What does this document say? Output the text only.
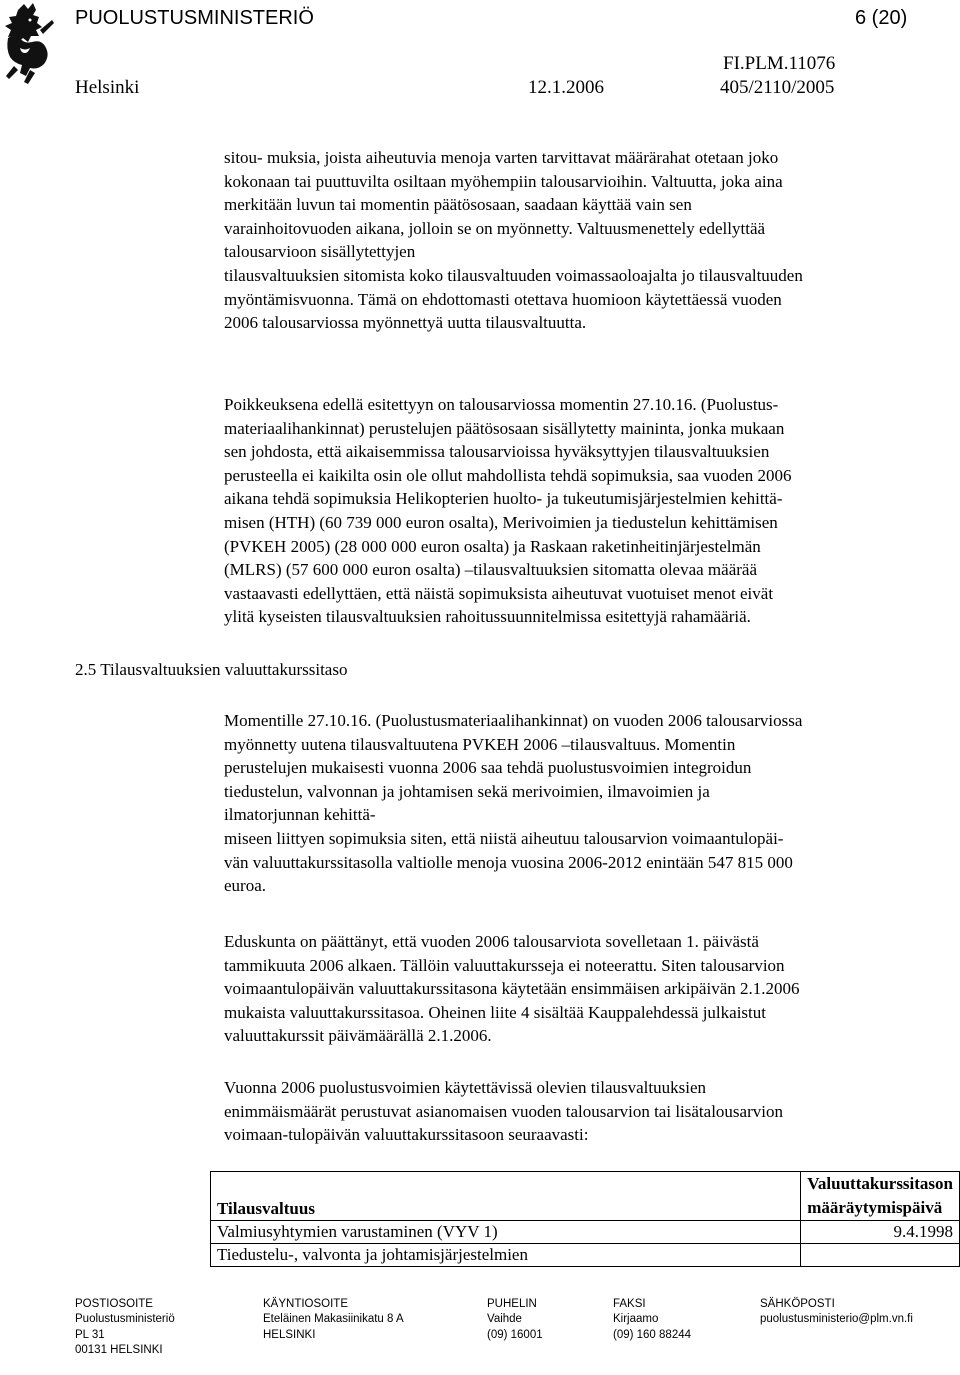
PUOLUSTUSMINISTERIÖ	6 (20)
FI.PLM.11076
Helsinki	12.1.2006	405/2110/2005
sitou- muksia, joista aiheutuvia menoja varten tarvittavat määrärahat otetaan joko
kokonaan tai puuttuvilta osiltaan myöhempiin talousarvioihin. Valtuutta, joka aina
merkitään luvun tai momentin päätösosaan, saadaan käyttää vain sen
varainhoitovuoden aikana, jolloin se on myönnetty. Valtuusmenettely edellyttää
talousarvioon sisällytettyjen
tilausvaltuuksien sitomista koko tilausvaltuuden voimassaoloajalta jo tilausvaltuuden
myöntämisvuonna. Tämä on ehdottomasti otettava huomioon käytettäessä vuoden
2006 talousarviossa myönnettyä uutta tilausvaltuutta.
Poikkeuksena edellä esitettyyn on talousarviossa momentin 27.10.16. (Puolustus-
materiaalihankinnat) perustelujen päätösosaan sisällytetty maininta, jonka mukaan
sen johdosta, että aikaisemmissa talousarvioissa hyväksyttyjen tilausvaltuuksien
perusteella ei kaikilta osin ole ollut mahdollista tehdä sopimuksia, saa vuoden 2006
aikana tehdä sopimuksia Helikopterien huolto- ja tukeutumisjärjestelmien kehittä-
misen (HTH) (60 739 000 euron osalta), Merivoimien ja tiedustelun kehittämisen
(PVKEH 2005) (28 000 000 euron osalta) ja Raskaan raketinheitinjärjestelmän
(MLRS) (57 600 000 euron osalta) –tilausvaltuuksien sitomatta olevaa määrää
vastaavasti edellyttäen, että näistä sopimuksista aiheutuvat vuotuiset menot eivät
ylitä kyseisten tilausvaltuuksien rahoitussuunnitelmissa esitettyjä rahamääriä.
2.5 Tilausvaltuuksien valuuttakurssitaso
Momentille 27.10.16. (Puolustusmateriaalihankinnat) on vuoden 2006 talousarviossa
myönnetty uutena tilausvaltuutena PVKEH 2006 –tilausvaltuus. Momentin
perustelujen mukaisesti vuonna 2006 saa tehdä puolustusvoimien integroidun
tiedustelun, valvonnan ja johtamisen sekä merivoimien, ilmavoimien ja
ilmatorjunnan kehittä-
miseen liittyen sopimuksia siten, että niistä aiheutuu talousarvion voimaantulopäi-
vän valuuttakurssitasolla valtiolle menoja vuosina 2006-2012 enintään 547 815 000
euroa.
Eduskunta on päättänyt, että vuoden 2006 talousarviota sovelletaan 1. päivästä
tammikuuta 2006 alkaen. Tällöin valuuttakursseja ei noteerattu. Siten talousarvion
voimaantulopäivän valuuttakurssitasona käytetään ensimmäisen arkipäivän 2.1.2006
mukaista valuuttakurssitasoa. Oheinen liite 4 sisältää Kauppalehdessä julkaistut
valuuttakurssit päivämäärällä 2.1.2006.
Vuonna 2006 puolustusvoimien käytettävissä olevien tilausvaltuuksien
enimmäismäärät perustuvat asianomaisen vuoden talousarvion tai lisätalousarvion
voimaan-tulopäivän valuuttakurssitasoon seuraavasti:
Tilausvaltuus	Valuuttakurssitason
määräytymispäivä

Valmiusyhtymien varustaminen (VYV 1)	9.4.1998
Tiedustelu-, valvonta ja johtamisjärjestelmien	
POSTIOSOITE
Puolustusministeriö
PL 31
00131 HELSINKI
KÄYNTIOSOITE
Eteläinen Makasiinikatu 8 A
HELSINKI
PUHELIN
Vaihde
(09) 16001
FAKSI
Kirjaamo
(09) 160 88244
SÄHKÖPOSTI
puolustusministerio@plm.vn.fi
